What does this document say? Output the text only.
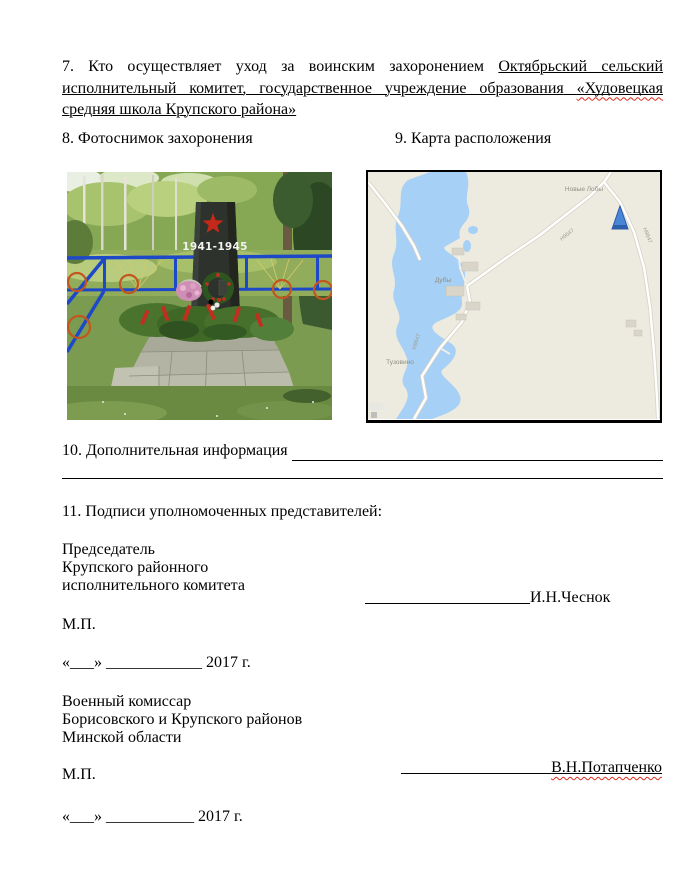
7. Кто осуществляет уход за воинским захоронением Октябрьский сельский исполнительный комитет, государственное учреждение образования «Худовецкая средняя школа Крупского района»

8. Фотоснимок захоронения	9. Карта расположения
1941-1945
Новые Лобы
Дубы
Тузовино
Н9647
Н9647	Н9647
10. Дополнительная информация
11. Подписи уполномоченных представителей:
Председатель
Крупского районного
исполнительного комитета
И.Н.Чеснок
М.П.
«___» ____________ 2017 г.
Военный комиссар
Борисовского и Крупского районов
Минской области
В.Н.Потапченко
М.П.
«___» ___________ 2017 г.
